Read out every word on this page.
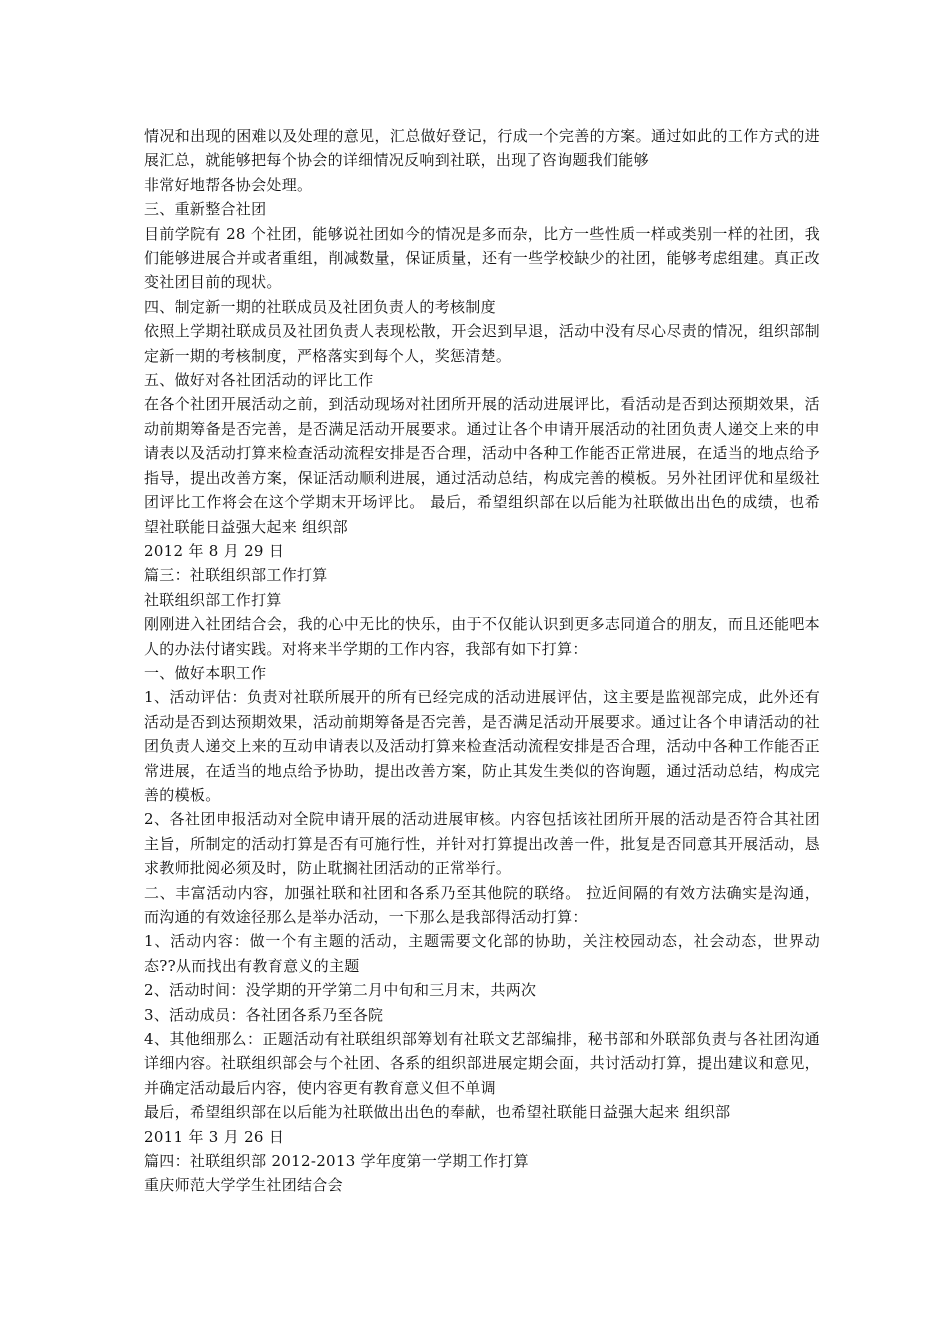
情况和出现的困难以及处理的意见，汇总做好登记，行成一个完善的方案。通过如此的工作方式的进展汇总，就能够把每个协会的详细情况反响到社联，出现了咨询题我们能够

非常好地帮各协会处理。

三、重新整合社团

目前学院有 28 个社团，能够说社团如今的情况是多而杂，比方一些性质一样或类别一样的社团，我们能够进展合并或者重组，削减数量，保证质量，还有一些学校缺少的社团，能够考虑组建。真正改变社团目前的现状。

四、制定新一期的社联成员及社团负责人的考核制度

依照上学期社联成员及社团负责人表现松散，开会迟到早退，活动中没有尽心尽责的情况，组织部制定新一期的考核制度，严格落实到每个人，奖惩清楚。

五、做好对各社团活动的评比工作

在各个社团开展活动之前，到活动现场对社团所开展的活动进展评比，看活动是否到达预期效果，活动前期筹备是否完善，是否满足活动开展要求。通过让各个申请开展活动的社团负责人递交上来的申请表以及活动打算来检查活动流程安排是否合理，活动中各种工作能否正常进展，在适当的地点给予指导，提出改善方案，保证活动顺利进展，通过活动总结，构成完善的模板。另外社团评优和星级社团评比工作将会在这个学期末开场评比。 最后，希望组织部在以后能为社联做出出色的成绩，也希望社联能日益强大起来 组织部

2012 年 8 月 29 日

篇三：社联组织部工作打算

社联组织部工作打算

刚刚进入社团结合会，我的心中无比的快乐，由于不仅能认识到更多志同道合的朋友，而且还能吧本人的办法付诸实践。对将来半学期的工作内容，我部有如下打算：

一、做好本职工作

1、活动评估：负责对社联所展开的所有已经完成的活动进展评估，这主要是监视部完成，此外还有活动是否到达预期效果，活动前期筹备是否完善，是否满足活动开展要求。通过让各个申请活动的社团负责人递交上来的互动申请表以及活动打算来检查活动流程安排是否合理，活动中各种工作能否正常进展，在适当的地点给予协助，提出改善方案，防止其发生类似的咨询题，通过活动总结，构成完善的模板。

2、各社团申报活动对全院申请开展的活动进展审核。内容包括该社团所开展的活动是否符合其社团主旨，所制定的活动打算是否有可施行性，并针对打算提出改善一件，批复是否同意其开展活动，恳求教师批阅必须及时，防止耽搁社团活动的正常举行。

二、丰富活动内容，加强社联和社团和各系乃至其他院的联络。 拉近间隔的有效方法确实是沟通，而沟通的有效途径那么是举办活动，一下那么是我部得活动打算：

1、活动内容：做一个有主题的活动，主题需要文化部的协助，关注校园动态，社会动态，世界动态??从而找出有教育意义的主题

2、活动时间：没学期的开学第二月中旬和三月末，共两次

3、活动成员：各社团各系乃至各院

4、其他细那么：正题活动有社联组织部筹划有社联文艺部编排，秘书部和外联部负责与各社团沟通详细内容。社联组织部会与个社团、各系的组织部进展定期会面，共讨活动打算，提出建议和意见，并确定活动最后内容，使内容更有教育意义但不单调

最后，希望组织部在以后能为社联做出出色的奉献，也希望社联能日益强大起来 组织部

2011 年 3 月 26 日

篇四：社联组织部 2012-2013 学年度第一学期工作打算

重庆师范大学学生社团结合会
